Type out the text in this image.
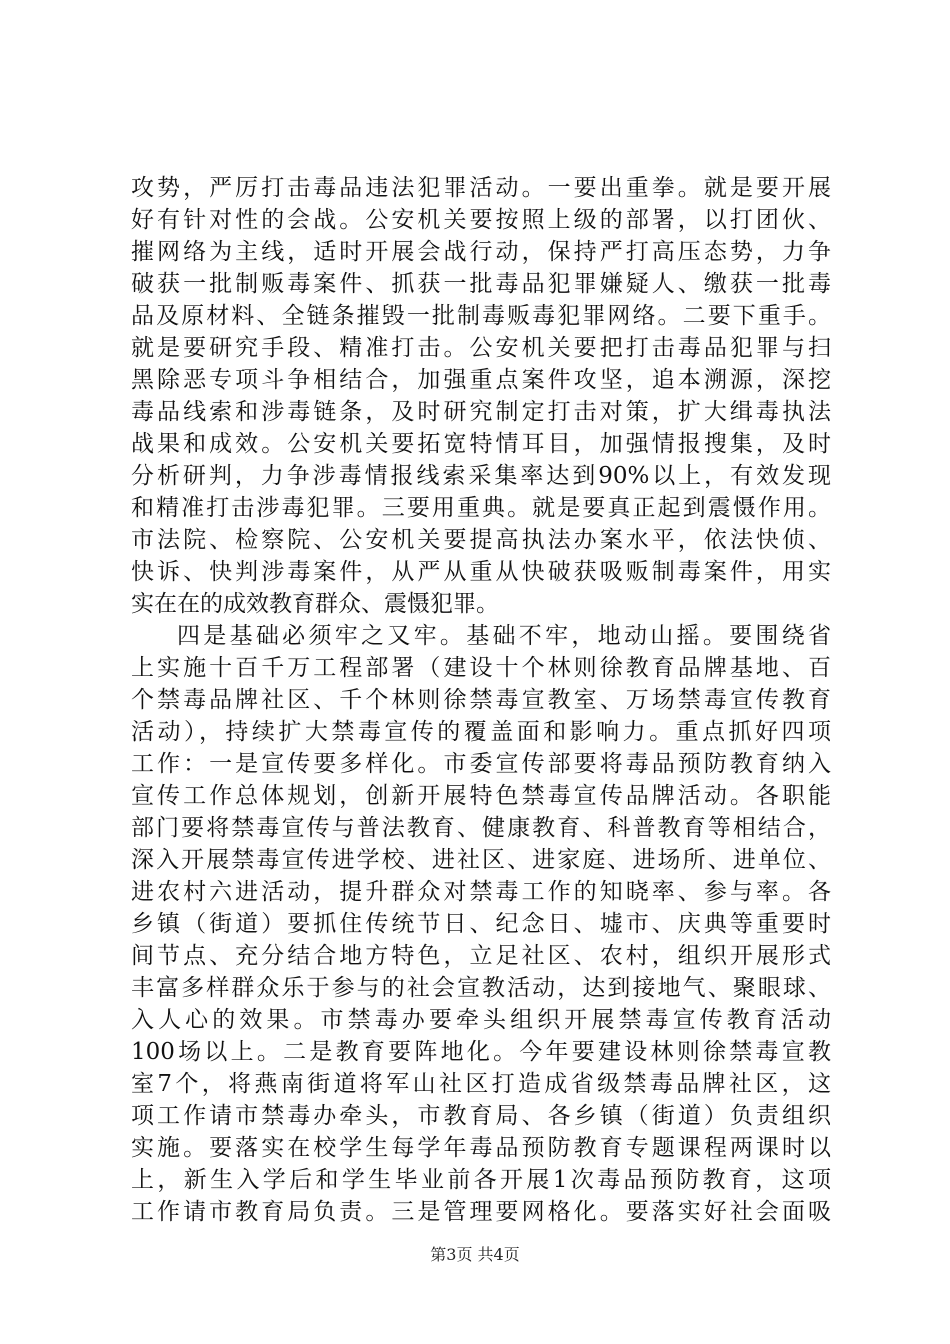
攻势，严厉打击毒品违法犯罪活动。一要出重拳。就是要开展
好有针对性的会战。公安机关要按照上级的部署，以打团伙、
摧网络为主线，适时开展会战行动，保持严打高压态势，力争
破获一批制贩毒案件、抓获一批毒品犯罪嫌疑人、缴获一批毒
品及原材料、全链条摧毁一批制毒贩毒犯罪网络。二要下重手。
就是要研究手段、精准打击。公安机关要把打击毒品犯罪与扫
黑除恶专项斗争相结合，加强重点案件攻坚，追本溯源，深挖
毒品线索和涉毒链条，及时研究制定打击对策，扩大缉毒执法
战果和成效。公安机关要拓宽特情耳目，加强情报搜集，及时
分析研判，力争涉毒情报线索采集率达到90%以上，有效发现
和精准打击涉毒犯罪。三要用重典。就是要真正起到震慑作用。
市法院、检察院、公安机关要提高执法办案水平，依法快侦、
快诉、快判涉毒案件，从严从重从快破获吸贩制毒案件，用实
实在在的成效教育群众、震慑犯罪。
四是基础必须牢之又牢。基础不牢，地动山摇。要围绕省
上实施十百千万工程部署（建设十个林则徐教育品牌基地、百
个禁毒品牌社区、千个林则徐禁毒宣教室、万场禁毒宣传教育
活动），持续扩大禁毒宣传的覆盖面和影响力。重点抓好四项
工作：一是宣传要多样化。市委宣传部要将毒品预防教育纳入
宣传工作总体规划，创新开展特色禁毒宣传品牌活动。各职能
部门要将禁毒宣传与普法教育、健康教育、科普教育等相结合，
深入开展禁毒宣传进学校、进社区、进家庭、进场所、进单位、
进农村六进活动，提升群众对禁毒工作的知晓率、参与率。各
乡镇（街道）要抓住传统节日、纪念日、墟市、庆典等重要时
间节点、充分结合地方特色，立足社区、农村，组织开展形式
丰富多样群众乐于参与的社会宣教活动，达到接地气、聚眼球、
入人心的效果。市禁毒办要牵头组织开展禁毒宣传教育活动
100场以上。二是教育要阵地化。今年要建设林则徐禁毒宣教
室7个，将燕南街道将军山社区打造成省级禁毒品牌社区，这
项工作请市禁毒办牵头，市教育局、各乡镇（街道）负责组织
实施。要落实在校学生每学年毒品预防教育专题课程两课时以
上，新生入学后和学生毕业前各开展1次毒品预防教育，这项
工作请市教育局负责。三是管理要网格化。要落实好社会面吸
第3页 共4页
